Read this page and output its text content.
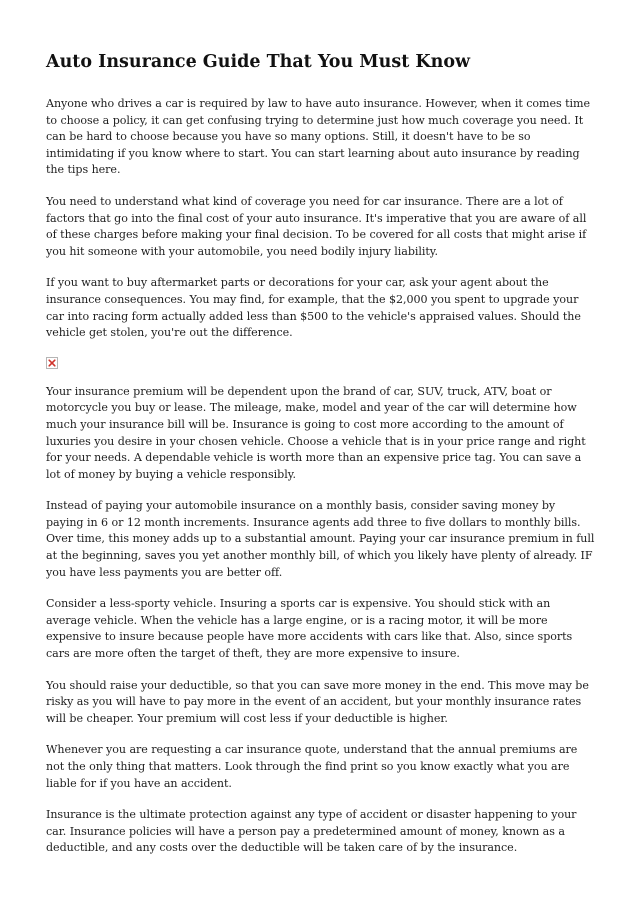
Auto Insurance Guide That You Must Know

Anyone who drives a car is required by law to have auto insurance. However, when it comes time to choose a policy, it can get confusing trying to determine just how much coverage you need. It can be hard to choose because you have so many options. Still, it doesn't have to be so intimidating if you know where to start. You can start learning about auto insurance by reading the tips here.

You need to understand what kind of coverage you need for car insurance. There are a lot of factors that go into the final cost of your auto insurance. It's imperative that you are aware of all of these charges before making your final decision. To be covered for all costs that might arise if you hit someone with your automobile, you need bodily injury liability.

If you want to buy aftermarket parts or decorations for your car, ask your agent about the insurance consequences. You may find, for example, that the $2,000 you spent to upgrade your car into racing form actually added less than $500 to the vehicle's appraised values. Should the vehicle get stolen, you're out the difference.

Your insurance premium will be dependent upon the brand of car, SUV, truck, ATV, boat or motorcycle you buy or lease. The mileage, make, model and year of the car will determine how much your insurance bill will be. Insurance is going to cost more according to the amount of luxuries you desire in your chosen vehicle. Choose a vehicle that is in your price range and right for your needs. A dependable vehicle is worth more than an expensive price tag. You can save a lot of money by buying a vehicle responsibly.

Instead of paying your automobile insurance on a monthly basis, consider saving money by paying in 6 or 12 month increments. Insurance agents add three to five dollars to monthly bills. Over time, this money adds up to a substantial amount. Paying your car insurance premium in full at the beginning, saves you yet another monthly bill, of which you likely have plenty of already. IF you have less payments you are better off.

Consider a less-sporty vehicle. Insuring a sports car is expensive. You should stick with an average vehicle. When the vehicle has a large engine, or is a racing motor, it will be more expensive to insure because people have more accidents with cars like that. Also, since sports cars are more often the target of theft, they are more expensive to insure.

You should raise your deductible, so that you can save more money in the end. This move may be risky as you will have to pay more in the event of an accident, but your monthly insurance rates will be cheaper. Your premium will cost less if your deductible is higher.

Whenever you are requesting a car insurance quote, understand that the annual premiums are not the only thing that matters. Look through the find print so you know exactly what you are liable for if you have an accident.

Insurance is the ultimate protection against any type of accident or disaster happening to your car. Insurance policies will have a person pay a predetermined amount of money, known as a deductible, and any costs over the deductible will be taken care of by the insurance.
